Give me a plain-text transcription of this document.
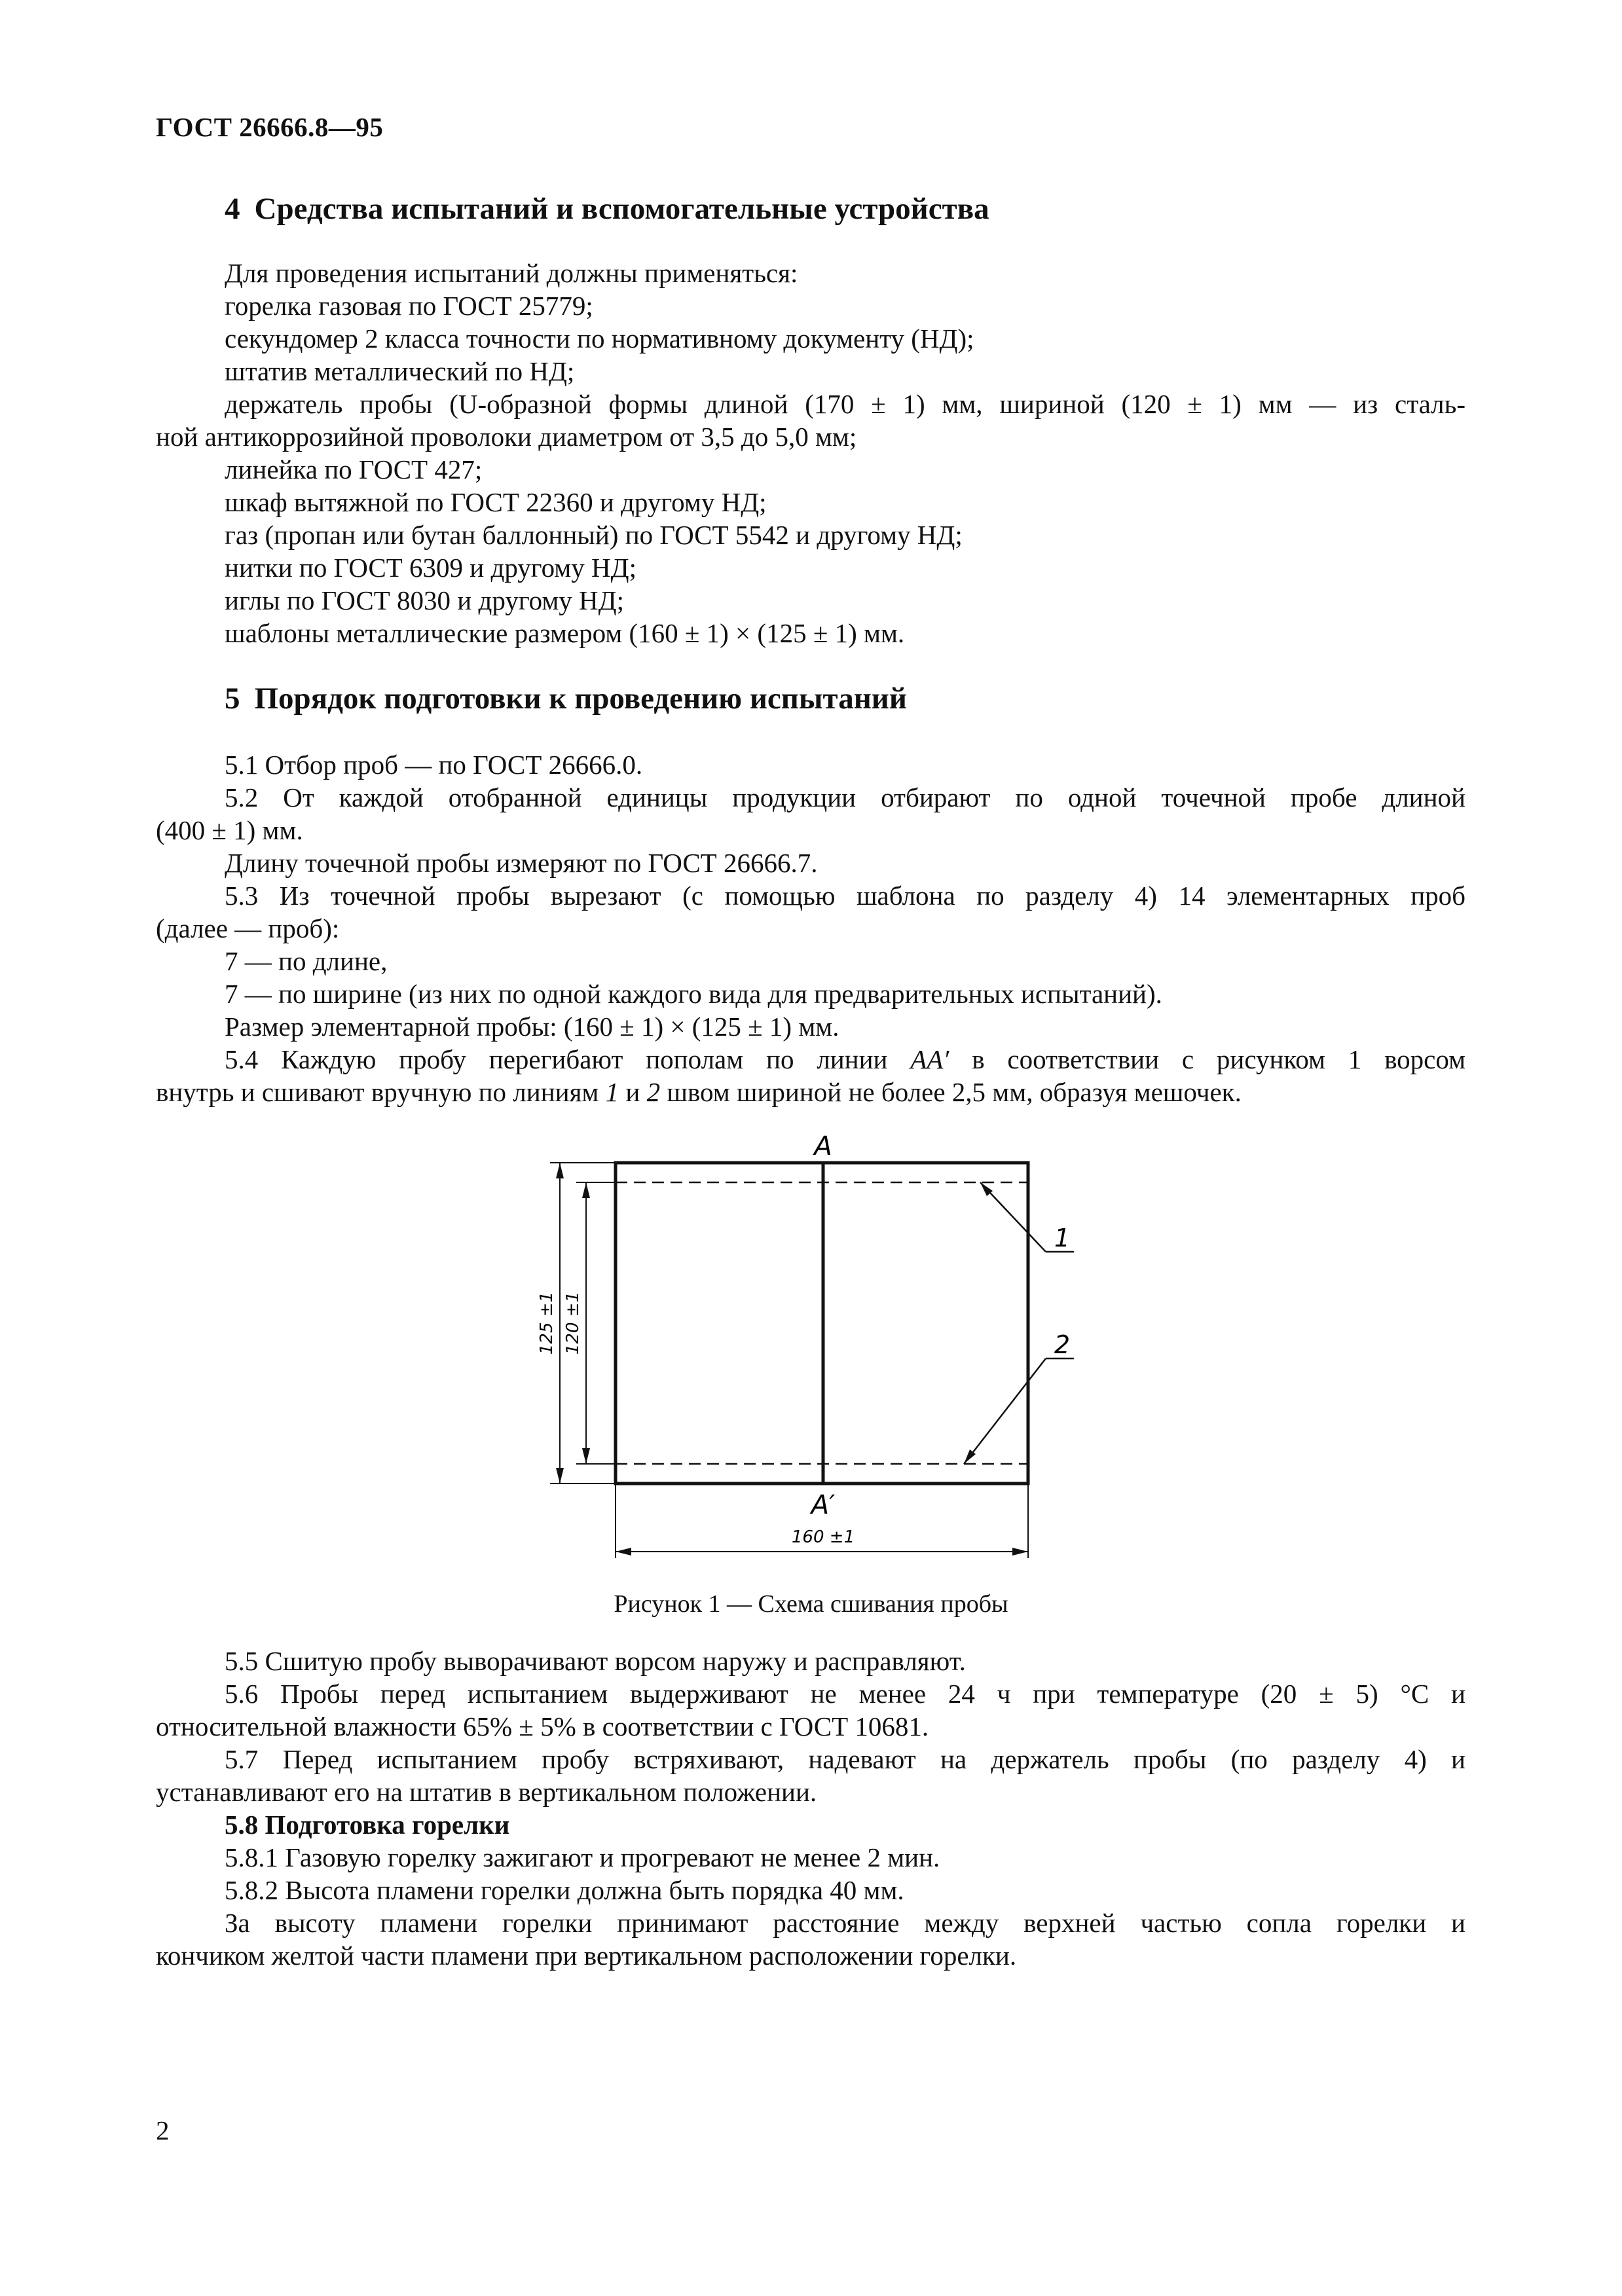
ГОСТ 26666.8—95
4 Средства испытаний и вспомогательные устройства

Для проведения испытаний должны применяться:

горелка газовая по ГОСТ 25779;

секундомер 2 класса точности по нормативному документу (НД);

штатив металлический по НД;

держатель пробы (U-образной формы длиной (170 ± 1) мм, шириной (120 ± 1) мм — из сталь-

ной антикоррозийной проволоки диаметром от 3,5 до 5,0 мм;

линейка по ГОСТ 427;

шкаф вытяжной по ГОСТ 22360 и другому НД;

газ (пропан или бутан баллонный) по ГОСТ 5542 и другому НД;

нитки по ГОСТ 6309 и другому НД;

иглы по ГОСТ 8030 и другому НД;

шаблоны металлические размером (160 ± 1) × (125 ± 1) мм.

5 Порядок подготовки к проведению испытаний

5.1 Отбор проб — по ГОСТ 26666.0.

5.2 От каждой отобранной единицы продукции отбирают по одной точечной пробе длиной

(400 ± 1) мм.

Длину точечной пробы измеряют по ГОСТ 26666.7.

5.3 Из точечной пробы вырезают (с помощью шаблона по разделу 4) 14 элементарных проб

(далее — проб):

7 — по длине,

7 — по ширине (из них по одной каждого вида для предварительных испытаний).

Размер элементарной пробы: (160 ± 1) × (125 ± 1) мм.

5.4 Каждую пробу перегибают пополам по линии АА′ в соответствии с рисунком 1 ворсом

внутрь и сшивают вручную по линиям 1 и 2 швом шириной не более 2,5 мм, образуя мешочек.

A
A′
160 ±1
125 ±1 120 ±1
1
2
Рисунок 1 — Схема сшивания пробы

5.5 Сшитую пробу выворачивают ворсом наружу и расправляют.

5.6 Пробы перед испытанием выдерживают не менее 24 ч при температуре (20 ± 5) °С и

относительной влажности 65% ± 5% в соответствии с ГОСТ 10681.

5.7 Перед испытанием пробу встряхивают, надевают на держатель пробы (по разделу 4) и

устанавливают его на штатив в вертикальном положении.

5.8 Подготовка горелки

5.8.1 Газовую горелку зажигают и прогревают не менее 2 мин.

5.8.2 Высота пламени горелки должна быть порядка 40 мм.

За высоту пламени горелки принимают расстояние между верхней частью сопла горелки и

кончиком желтой части пламени при вертикальном расположении горелки.

2
